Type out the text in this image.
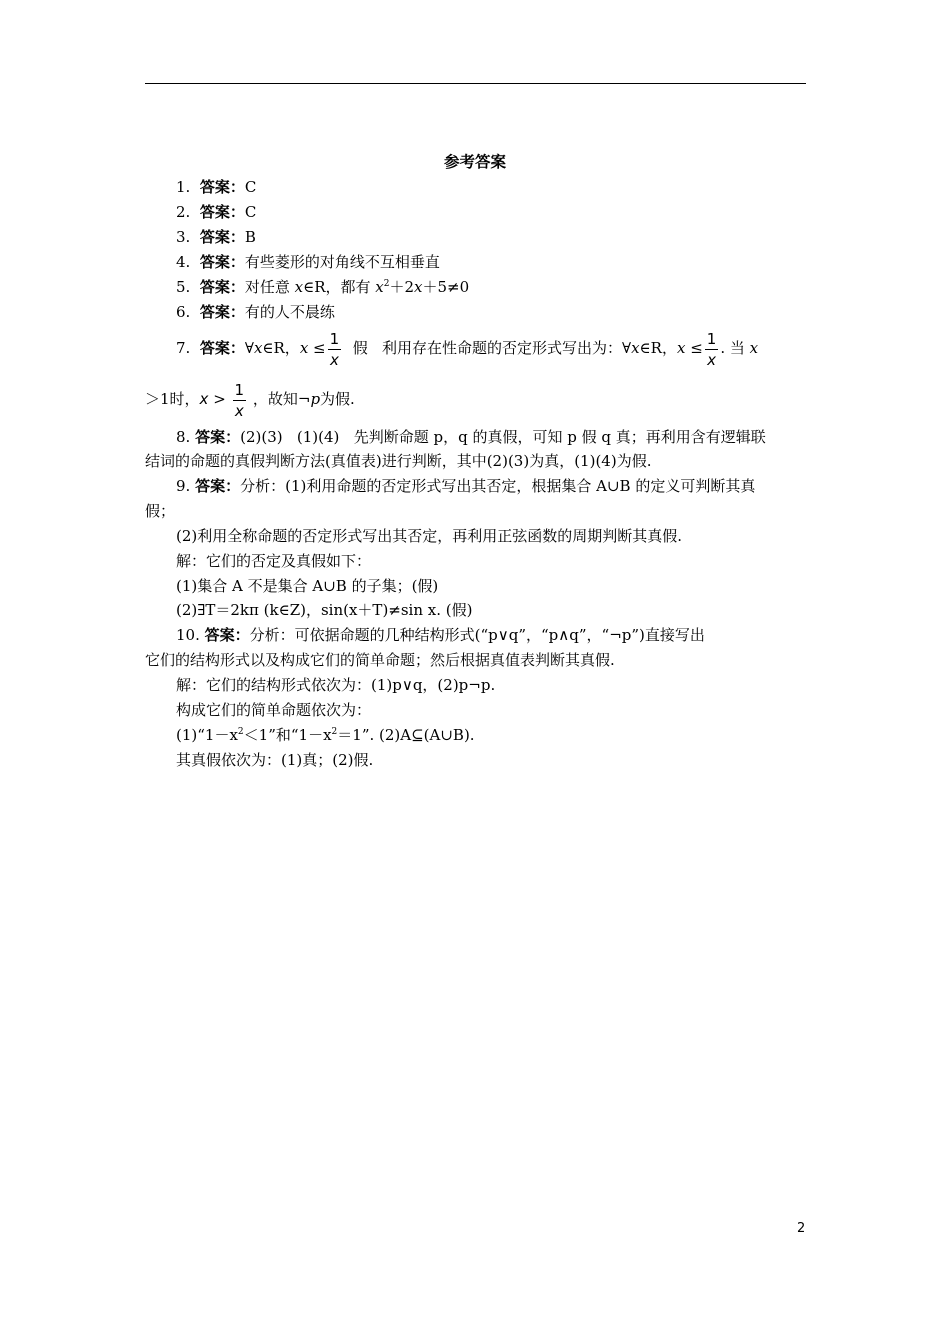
参考答案
1. 答案：C
2. 答案：C
3. 答案：B
4. 答案：有些菱形的对角线不互相垂直
5. 答案：对任意 x∈R，都有 $x^2+2x+5\ne 0$
6. 答案：有的人不晨练
7. 答案：∀x∈R，$x \le \frac{1}{x}$ 假   利用存在性命题的否定形式写出为：∀x∈R，$x \le \frac{1}{x}$ . 当 x
＞1时，$x > \frac{1}{x}$ ，故知¬p为假.
8. 答案：(2)(3)   (1)(4)   先判断命题 p，q 的真假，可知 p 假 q 真；再利用含有逻辑联
结词的命题的真假判断方法(真值表)进行判断，其中(2)(3)为真，(1)(4)为假.
9. 答案：分析：(1)利用命题的否定形式写出其否定，根据集合 A∪B 的定义可判断其真
假；
(2)利用全称命题的否定形式写出其否定，再利用正弦函数的周期判断其真假.
解：它们的否定及真假如下：
(1)集合 A 不是集合 A∪B 的子集；(假)
(2)∃T＝2kπ (k∈Z)，sin(x＋T)≠sin x. (假)
10. 答案：分析：可依据命题的几种结构形式(“p∨q”，“p∧q”，“¬p”)直接写出
它们的结构形式以及构成它们的简单命题；然后根据真值表判断其真假.
解：它们的结构形式依次为：(1)p∨q，(2)p¬p.
构成它们的简单命题依次为：
$(1)“1-x^2<1$”和“$1-x^2=1$”. (2)A⊆(A∪B).
其真假依次为：(1)真；(2)假.
2
